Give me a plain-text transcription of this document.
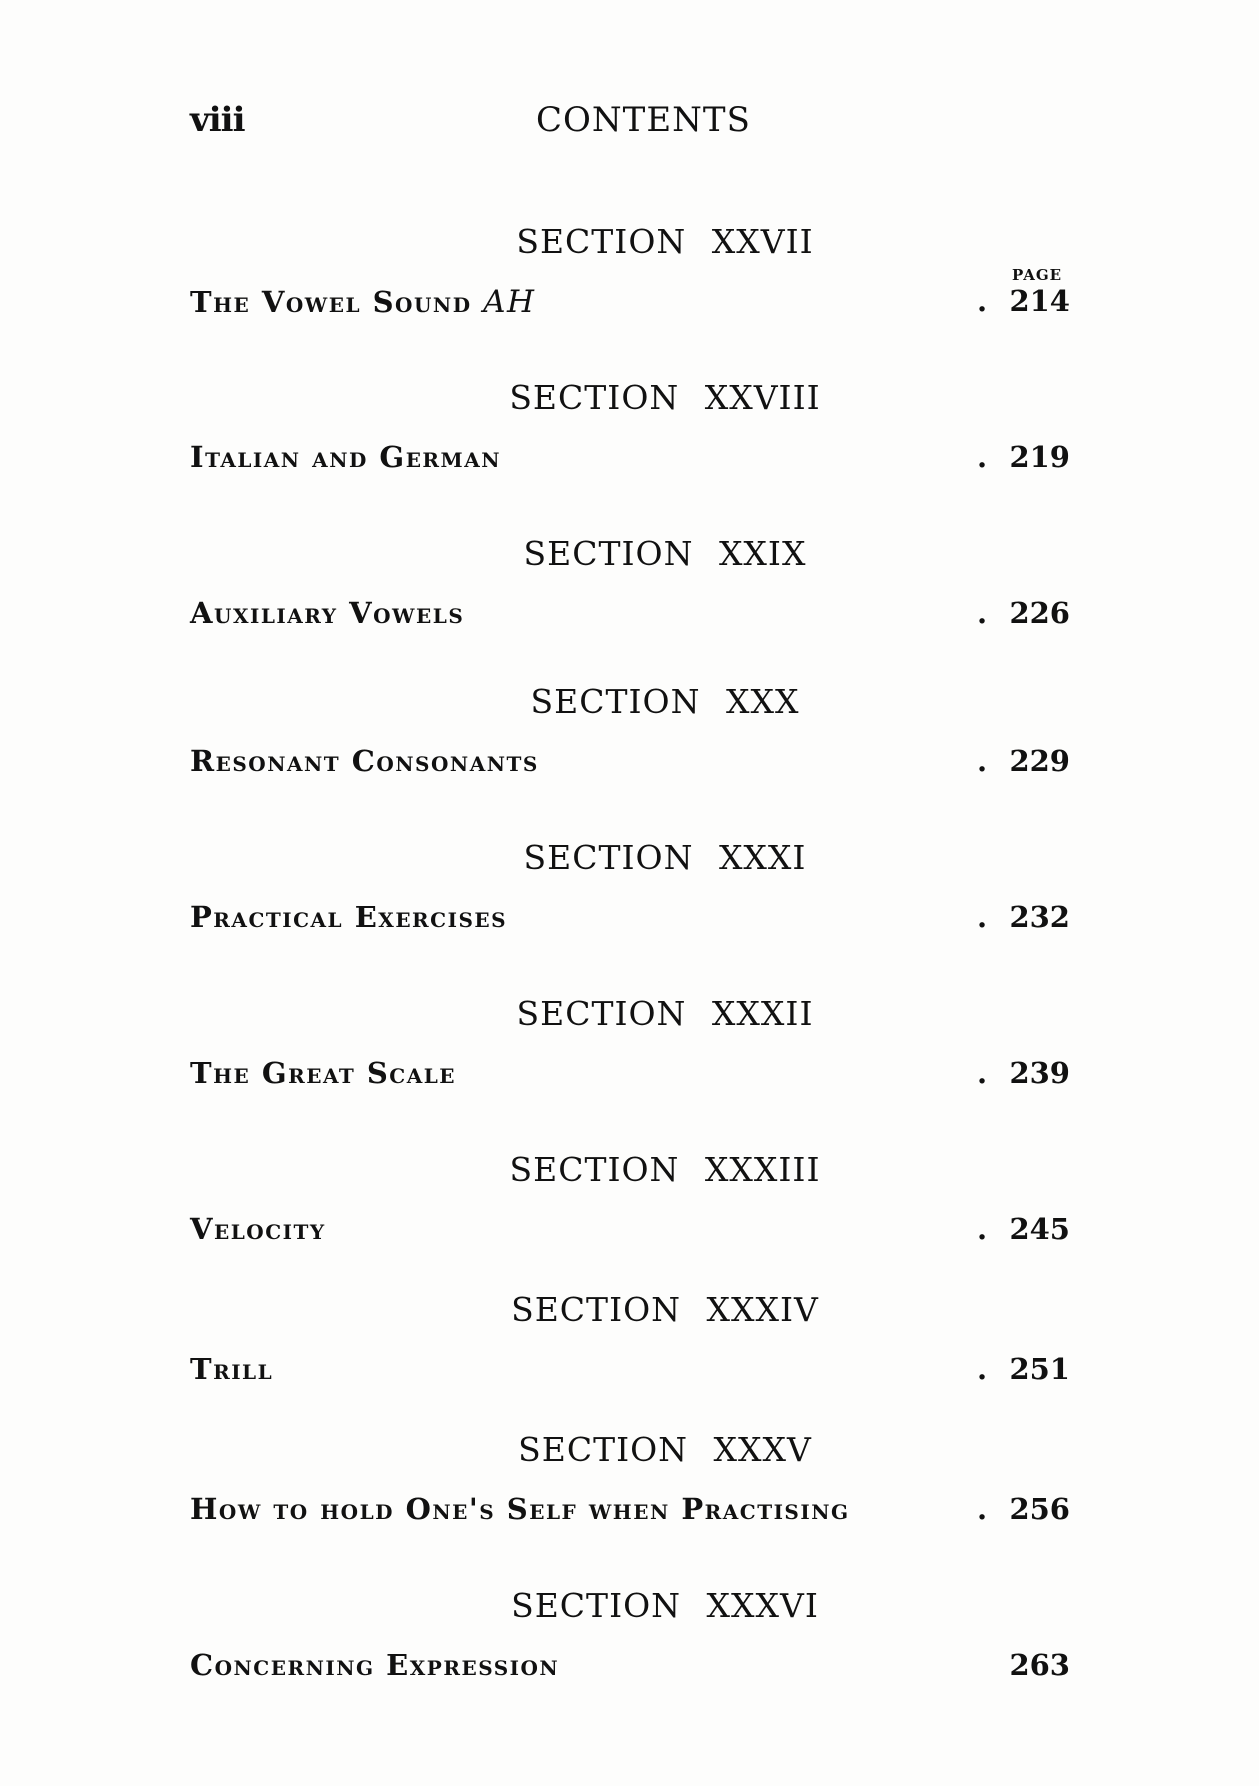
viii	CONTENTS
PAGE
SECTION XXVII
The Vowel Sound AH	. 214
SECTION XXVIII
Italian and German	. 219
SECTION XXIX
Auxiliary Vowels	. 226
SECTION XXX
Resonant Consonants	. 229
SECTION XXXI
Practical Exercises	. 232
SECTION XXXII
The Great Scale	. 239
SECTION XXXIII
Velocity	. 245
SECTION XXXIV
Trill	. 251
SECTION XXXV
How to hold One's Self when Practising	. 256
SECTION XXXVI
Concerning Expression	263
